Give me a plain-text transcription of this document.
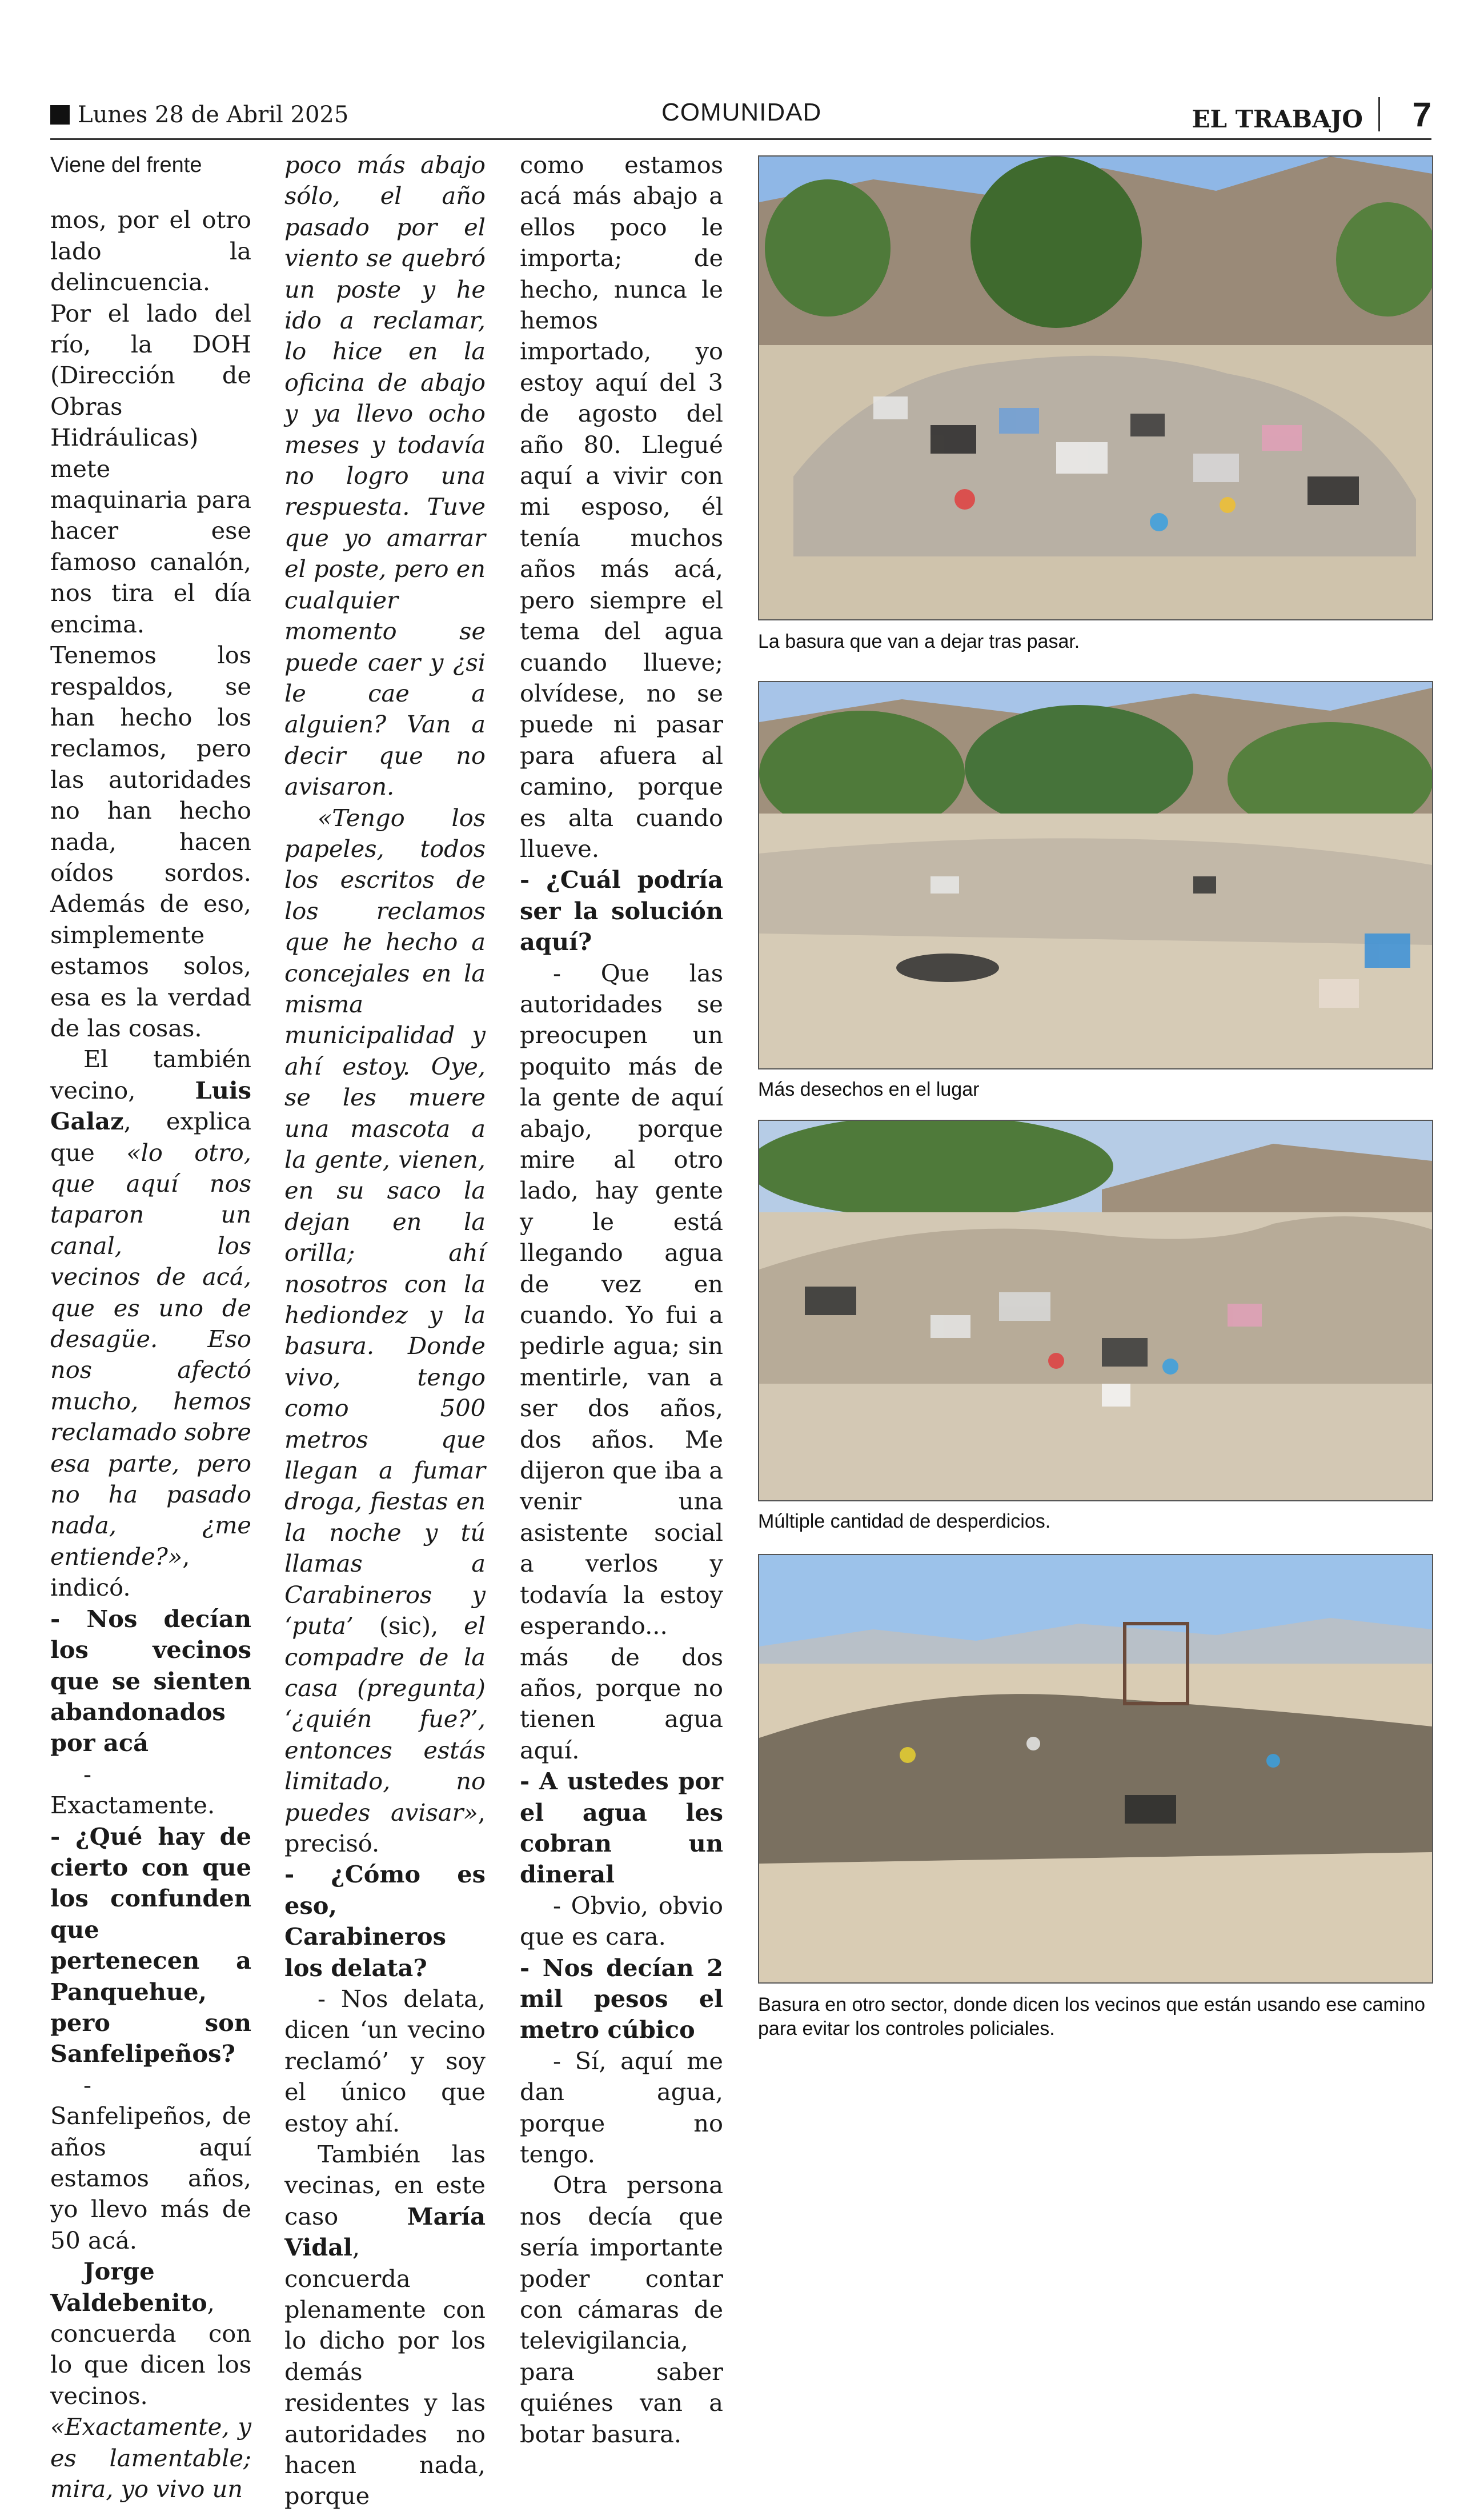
Lunes 28 de Abril 2025	COMUNIDAD	EL TRABAJO 7

Viene del frente

mos, por el otro lado la delincuencia. Por el lado del río, la DOH (Dirección de Obras Hidráulicas) mete maquinaria para hacer ese famoso canalón, nos tira el día encima. Tenemos los respaldos, se han hecho los reclamos, pero las autoridades no han hecho nada, hacen oídos sordos. Además de eso, simplemente estamos solos, esa es la verdad de las cosas.

El también vecino,	Luis Galaz, explica que «lo otro, que aquí nos taparon un canal, los vecinos de acá, que es uno de desagüe. Eso nos afectó mucho, hemos reclamado sobre esa parte, pero no ha pasado nada, ¿me entiende?», indicó.

- Nos decían los vecinos que se sienten abandonados por acá

- Exactamente.

- ¿Qué hay de cierto con que los confunden que pertenecen a Panquehue, pero son Sanfelipeños?

- Sanfelipeños, de años aquí estamos años, yo llevo más de 50 acá.

Jorge Valdebenito, concuerda con lo que dicen los vecinos. «Exactamente, y es lamentable; mira, yo vivo un

poco más abajo sólo, el año pasado por el viento se quebró un poste y he ido a reclamar, lo hice en la oficina de abajo y ya llevo ocho meses y todavía no logro una respuesta. Tuve que yo amarrar el poste, pero en cualquier momento se puede caer y ¿si le cae a alguien? Van a decir que no avisaron.

«Tengo los papeles, todos los escritos de los reclamos que he hecho a concejales en la misma municipalidad y ahí estoy. Oye, se les muere una mascota a la gente, vienen, en su saco la dejan en la orilla; ahí nosotros con la hediondez y la basura. Donde vivo, tengo como 500 metros que llegan a fumar droga, fiestas en la noche y tú llamas a Carabineros y ‘puta’ (sic), el compadre de la casa (pregunta) ‘¿quién fue?’, entonces estás limitado, no puedes avisar», precisó.

- ¿Cómo es eso, Carabineros los delata?

- Nos delata, dicen ‘un vecino reclamó’ y soy el único que estoy ahí.

También las vecinas, en este caso	María Vidal, concuerda plenamente con lo dicho por los demás residentes y las autoridades no hacen nada, porque

como estamos acá más abajo a ellos poco le importa; de hecho, nunca le hemos importado, yo estoy aquí del 3 de agosto del año 80. Llegué aquí a vivir con mi esposo, él tenía muchos años más acá, pero siempre el tema del agua cuando llueve; olvídese, no se puede ni pasar para afuera al camino, porque es alta cuando llueve.

- ¿Cuál podría ser la solución aquí?

- Que las autoridades se preocupen un poquito más de la gente de aquí abajo, porque mire al otro lado, hay gente y le está llegando agua de vez en cuando. Yo fui a pedirle agua; sin mentirle, van a ser dos años, dos años. Me dijeron que iba a venir una asistente social a verlos y todavía la estoy esperando... más de dos años, porque no tienen agua aquí.

- A ustedes por el agua les cobran un dineral

- Obvio, obvio que es cara.

- Nos decían 2 mil pesos el metro cúbico

- Sí, aquí me dan agua, porque no tengo.

Otra persona nos decía que sería importante poder contar con cámaras de televigilancia, para saber quiénes van a botar basura.

La basura que van a dejar tras pasar.
Más desechos en el lugar
Múltiple cantidad de desperdicios.
Basura en otro sector, donde dicen los vecinos que están usando ese camino para evitar los controles policiales.
